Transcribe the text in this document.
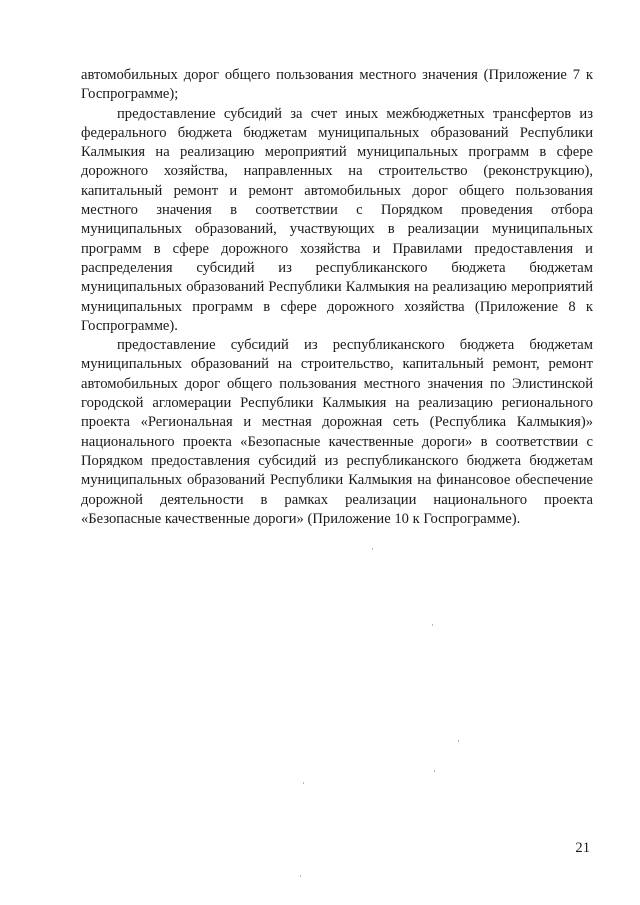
автомобильных дорог общего пользования местного значения (Приложение 7 к Госпрограмме);

предоставление субсидий за счет иных межбюджетных трансфертов из федерального бюджета бюджетам муниципальных образований Республики Калмыкия на реализацию мероприятий муниципальных программ в сфере дорожного хозяйства, направленных на строительство (реконструкцию), капитальный ремонт и ремонт автомобильных дорог общего пользования местного значения в соответствии с Порядком проведения отбора муниципальных образований, участвующих в реализации муниципальных программ в сфере дорожного хозяйства и Правилами предоставления и распределения субсидий из республиканского бюджета бюджетам муниципальных образований Республики Калмыкия на реализацию мероприятий муниципальных программ в сфере дорожного хозяйства (Приложение 8 к Госпрограмме).

предоставление субсидий из республиканского бюджета бюджетам муниципальных образований на строительство, капитальный ремонт, ремонт автомобильных дорог общего пользования местного значения по Элистинской городской агломерации Республики Калмыкия на реализацию регионального проекта «Региональная и местная дорожная сеть (Республика Калмыкия)» национального проекта «Безопасные качественные дороги» в соответствии с Порядком предоставления субсидий из республиканского бюджета бюджетам муниципальных образований Республики Калмыкия на финансовое обеспечение дорожной деятельности в рамках реализации национального проекта «Безопасные качественные дороги» (Приложение 10 к Госпрограмме).

21
